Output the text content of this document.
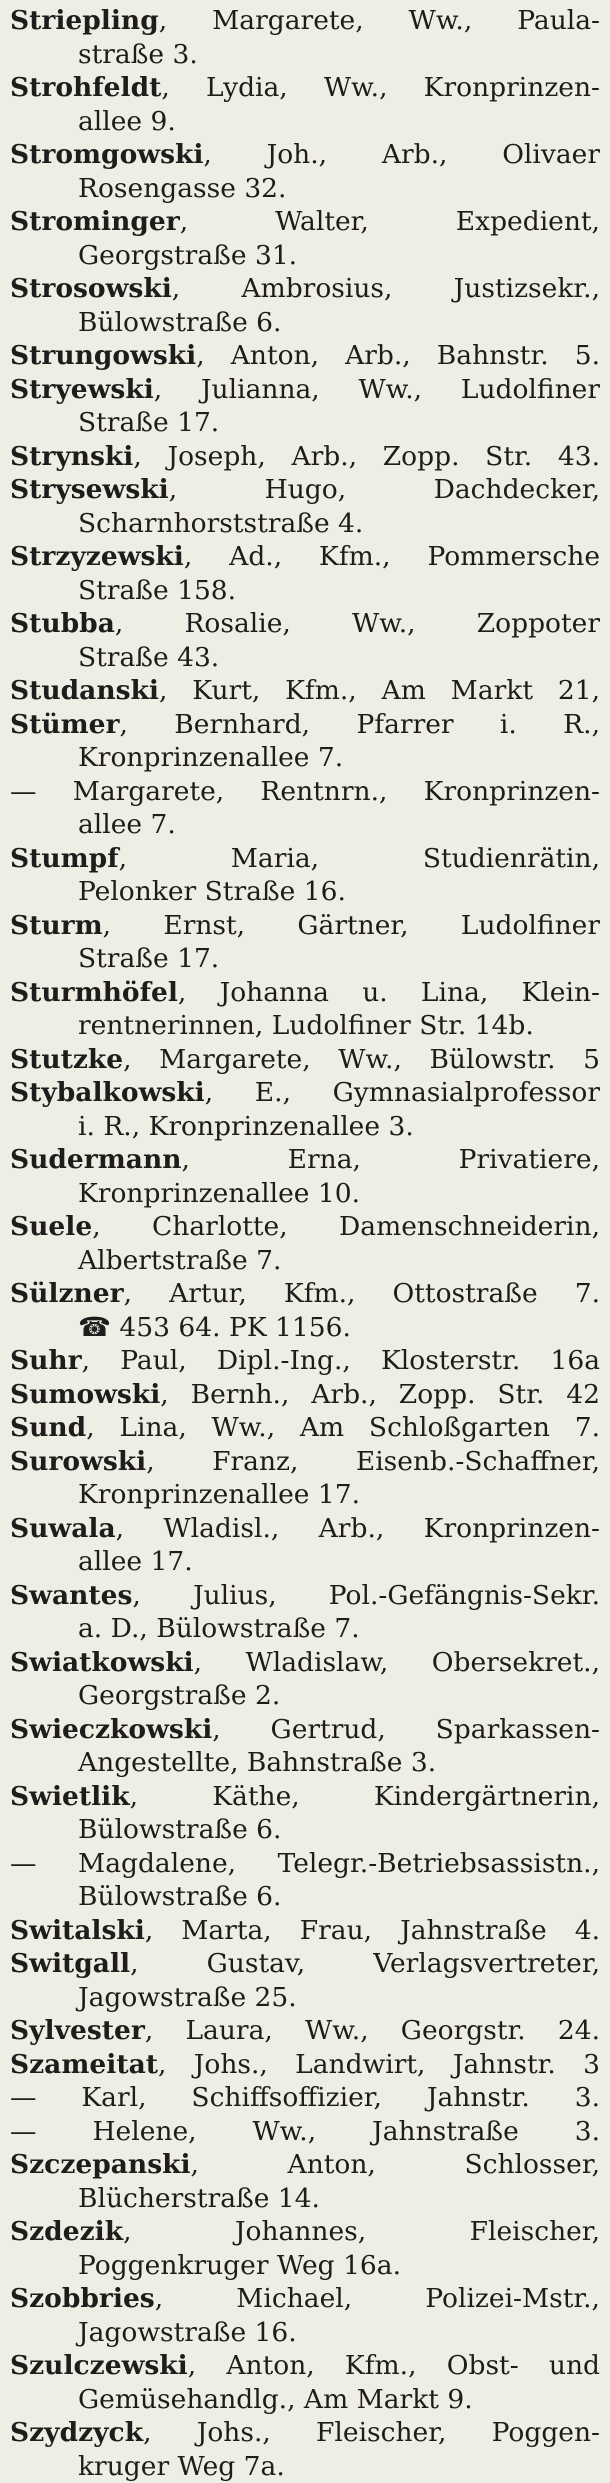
Striepling, Margarete, Ww., Paula-
straße 3.
Strohfeldt, Lydia, Ww., Kronprinzen-
allee 9.
Stromgowski, Joh., Arb., Olivaer
Rosengasse 32.
Strominger, Walter, Expedient,
Georgstraße 31.
Strosowski, Ambrosius, Justizsekr.,
Bülowstraße 6.
Strungowski, Anton, Arb., Bahnstr. 5.
Stryewski, Julianna, Ww., Ludolfiner
Straße 17.
Strynski, Joseph, Arb., Zopp. Str. 43.
Strysewski, Hugo, Dachdecker,
Scharnhorststraße 4.
Strzyzewski, Ad., Kfm., Pommersche
Straße 158.
Stubba, Rosalie, Ww., Zoppoter
Straße 43.
Studanski, Kurt, Kfm., Am Markt 21,
Stümer, Bernhard, Pfarrer i. R.,
Kronprinzenallee 7.
— Margarete, Rentnrn., Kronprinzen-
allee 7.
Stumpf, Maria, Studienrätin,
Pelonker Straße 16.
Sturm, Ernst, Gärtner, Ludolfiner
Straße 17.
Sturmhöfel, Johanna u. Lina, Klein-
rentnerinnen, Ludolfiner Str. 14b.
Stutzke, Margarete, Ww., Bülowstr. 5
Stybalkowski, E., Gymnasialprofessor
i. R., Kronprinzenallee 3.
Sudermann, Erna, Privatiere,
Kronprinzenallee 10.
Suele, Charlotte, Damenschneiderin,
Albertstraße 7.
Sülzner, Artur, Kfm., Ottostraße 7.
☎ 453 64. PK 1156.
Suhr, Paul, Dipl.-Ing., Klosterstr. 16a
Sumowski, Bernh., Arb., Zopp. Str. 42
Sund, Lina, Ww., Am Schloßgarten 7.
Surowski, Franz, Eisenb.-Schaffner,
Kronprinzenallee 17.
Suwala, Wladisl., Arb., Kronprinzen-
allee 17.
Swantes, Julius, Pol.-Gefängnis-Sekr.
a. D., Bülowstraße 7.
Swiatkowski, Wladislaw, Obersekret.,
Georgstraße 2.
Swieczkowski, Gertrud, Sparkassen-
Angestellte, Bahnstraße 3.
Swietlik, Käthe, Kindergärtnerin,
Bülowstraße 6.
— Magdalene, Telegr.-Betriebsassistn.,
Bülowstraße 6.
Switalski, Marta, Frau, Jahnstraße 4.
Switgall, Gustav, Verlagsvertreter,
Jagowstraße 25.
Sylvester, Laura, Ww., Georgstr. 24.
Szameitat, Johs., Landwirt, Jahnstr. 3
— Karl, Schiffsoffizier, Jahnstr. 3.
— Helene, Ww., Jahnstraße 3.
Szczepanski, Anton, Schlosser,
Blücherstraße 14.
Szdezik, Johannes, Fleischer,
Poggenkruger Weg 16a.
Szobbries, Michael, Polizei-Mstr.,
Jagowstraße 16.
Szulczewski, Anton, Kfm., Obst- und
Gemüsehandlg., Am Markt 9.
Szydzyck, Johs., Fleischer, Poggen-
kruger Weg 7a.
